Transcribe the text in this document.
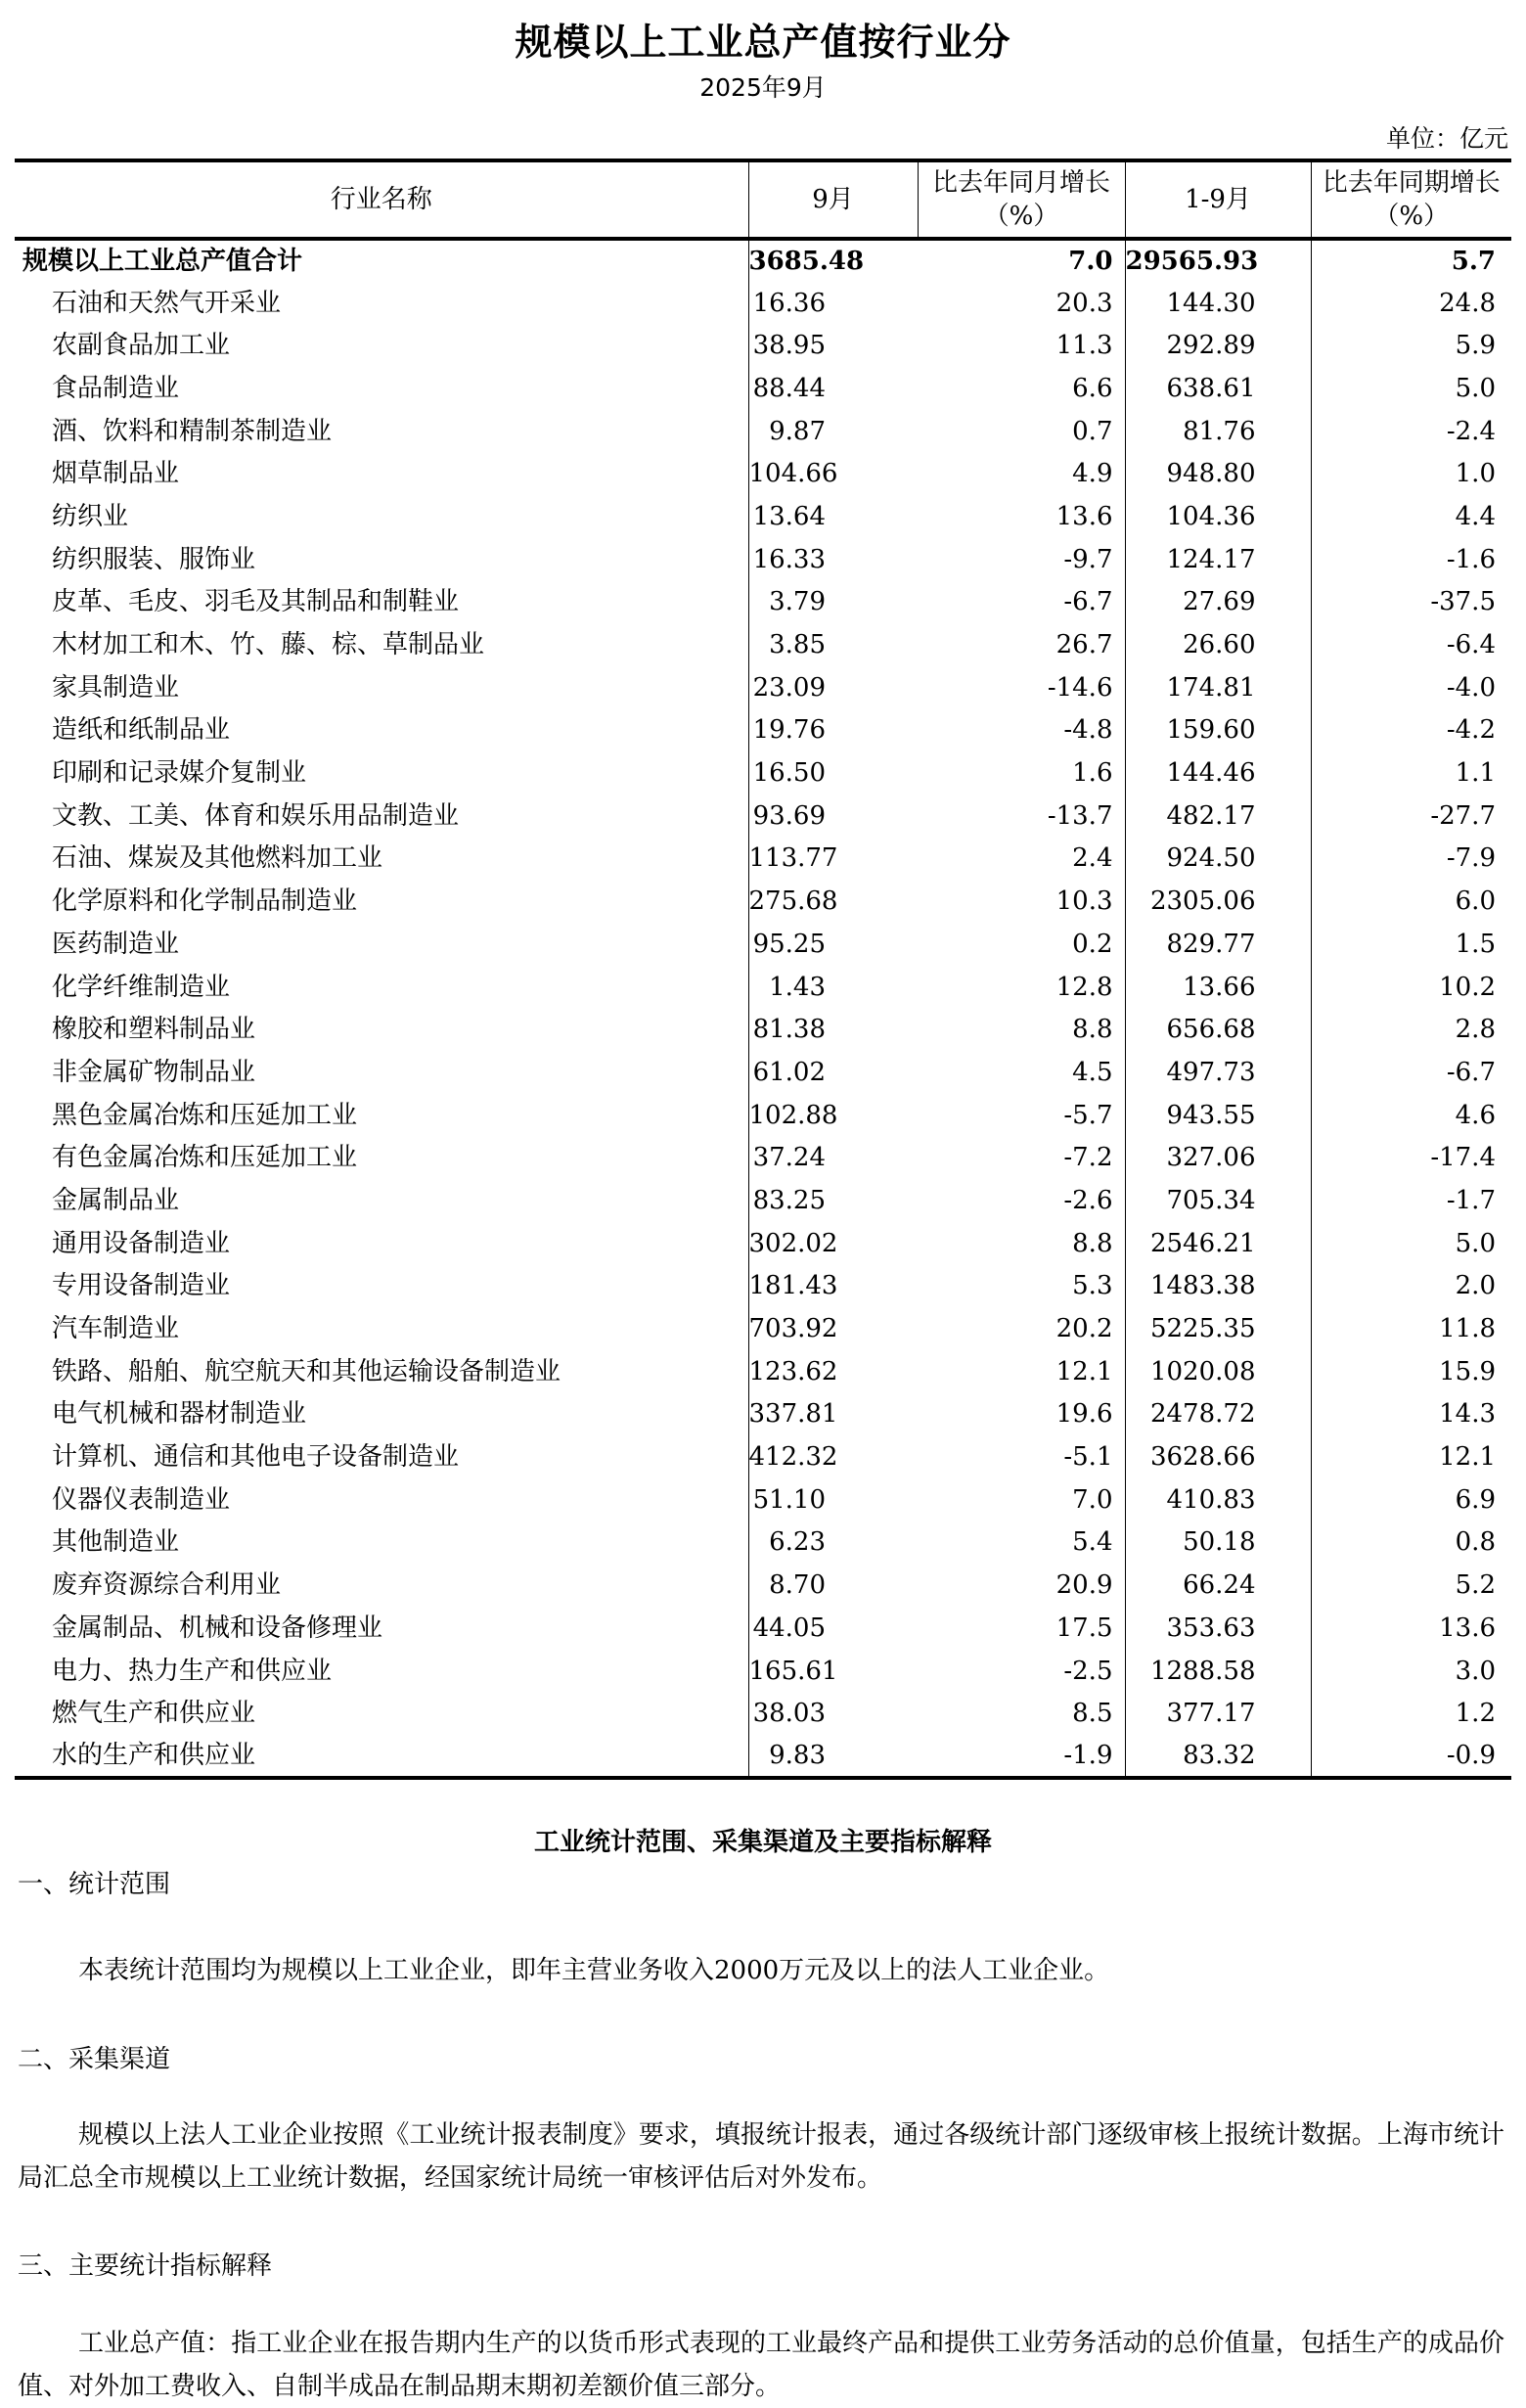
规模以上工业总产值按行业分
2025年9月
单位：亿元
行业名称	9月	比去年同月增长（%）	1-9月	比去年同期增长（%）
规模以上工业总产值合计	3685.48	7.0	29565.93	5.7
石油和天然气开采业	16.36	20.3	144.30	24.8
农副食品加工业	38.95	11.3	292.89	5.9
食品制造业	88.44	6.6	638.61	5.0
酒、饮料和精制茶制造业	9.87	0.7	81.76	-2.4
烟草制品业	104.66	4.9	948.80	1.0
纺织业	13.64	13.6	104.36	4.4
纺织服装、服饰业	16.33	-9.7	124.17	-1.6
皮革、毛皮、羽毛及其制品和制鞋业	3.79	-6.7	27.69	-37.5
木材加工和木、竹、藤、棕、草制品业	3.85	26.7	26.60	-6.4
家具制造业	23.09	-14.6	174.81	-4.0
造纸和纸制品业	19.76	-4.8	159.60	-4.2
印刷和记录媒介复制业	16.50	1.6	144.46	1.1
文教、工美、体育和娱乐用品制造业	93.69	-13.7	482.17	-27.7
石油、煤炭及其他燃料加工业	113.77	2.4	924.50	-7.9
化学原料和化学制品制造业	275.68	10.3	2305.06	6.0
医药制造业	95.25	0.2	829.77	1.5
化学纤维制造业	1.43	12.8	13.66	10.2
橡胶和塑料制品业	81.38	8.8	656.68	2.8
非金属矿物制品业	61.02	4.5	497.73	-6.7
黑色金属冶炼和压延加工业	102.88	-5.7	943.55	4.6
有色金属冶炼和压延加工业	37.24	-7.2	327.06	-17.4
金属制品业	83.25	-2.6	705.34	-1.7
通用设备制造业	302.02	8.8	2546.21	5.0
专用设备制造业	181.43	5.3	1483.38	2.0
汽车制造业	703.92	20.2	5225.35	11.8
铁路、船舶、航空航天和其他运输设备制造业	123.62	12.1	1020.08	15.9
电气机械和器材制造业	337.81	19.6	2478.72	14.3
计算机、通信和其他电子设备制造业	412.32	-5.1	3628.66	12.1
仪器仪表制造业	51.10	7.0	410.83	6.9
其他制造业	6.23	5.4	50.18	0.8
废弃资源综合利用业	8.70	20.9	66.24	5.2
金属制品、机械和设备修理业	44.05	17.5	353.63	13.6
电力、热力生产和供应业	165.61	-2.5	1288.58	3.0
燃气生产和供应业	38.03	8.5	377.17	1.2
水的生产和供应业	9.83	-1.9	83.32	-0.9
工业统计范围、采集渠道及主要指标解释
一、统计范围
本表统计范围均为规模以上工业企业，即年主营业务收入2000万元及以上的法人工业企业。
二、采集渠道
规模以上法人工业企业按照《工业统计报表制度》要求，填报统计报表，通过各级统计部门逐级审核上报统计数据。上海市统计局汇总全市规模以上工业统计数据，经国家统计局统一审核评估后对外发布。
三、主要统计指标解释
工业总产值：指工业企业在报告期内生产的以货币形式表现的工业最终产品和提供工业劳务活动的总价值量，包括生产的成品价值、对外加工费收入、自制半成品在制品期末期初差额价值三部分。
